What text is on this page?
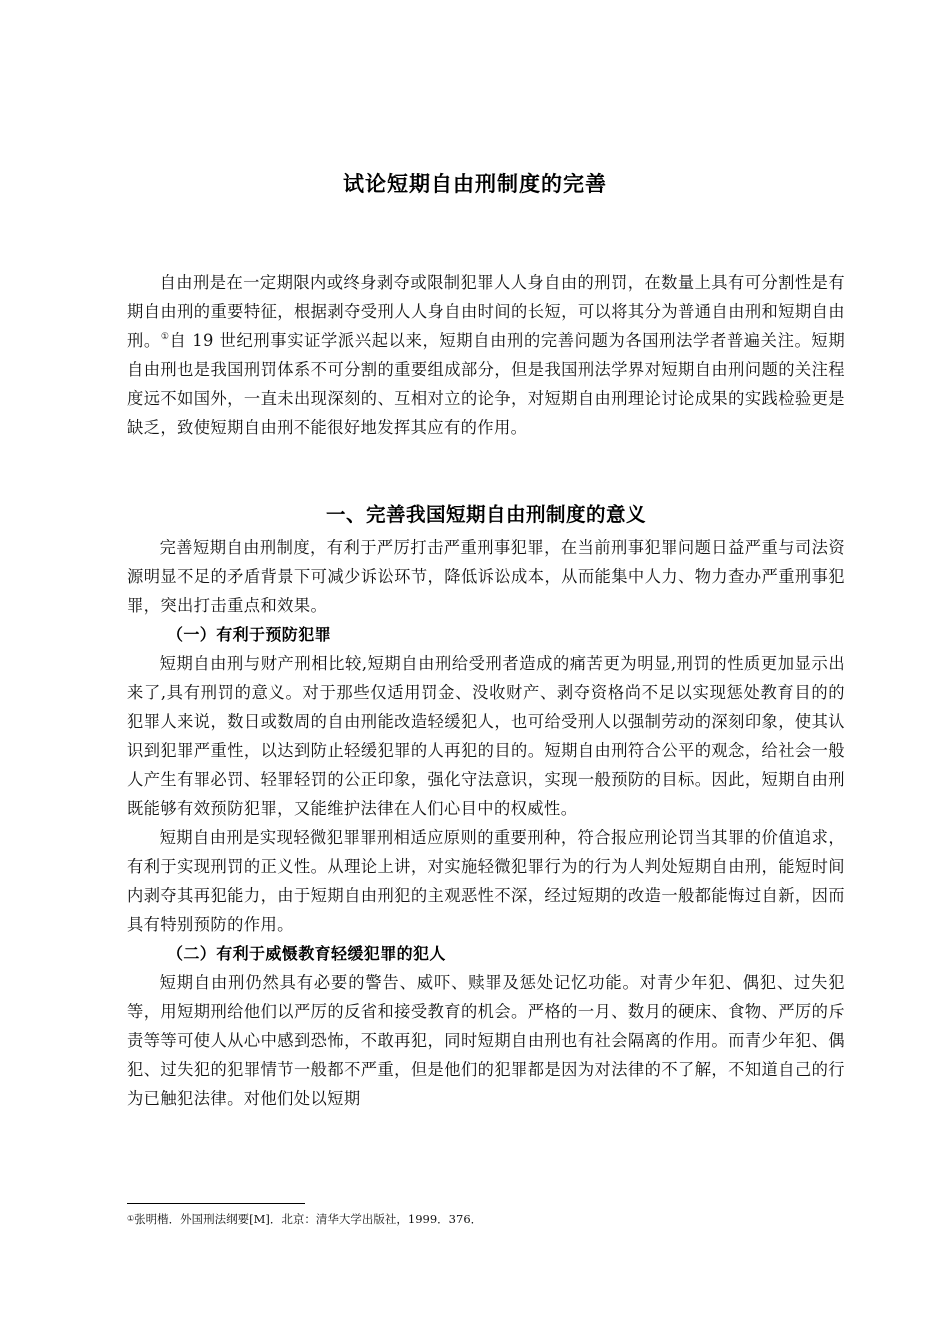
试论短期自由刑制度的完善

自由刑是在一定期限内或终身剥夺或限制犯罪人人身自由的刑罚，在数量上具有可分割性是有期自由刑的重要特征，根据剥夺受刑人人身自由时间的长短，可以将其分为普通自由刑和短期自由刑。①自 19 世纪刑事实证学派兴起以来，短期自由刑的完善问题为各国刑法学者普遍关注。短期自由刑也是我国刑罚体系不可分割的重要组成部分，但是我国刑法学界对短期自由刑问题的关注程度远不如国外，一直未出现深刻的、互相对立的论争，对短期自由刑理论讨论成果的实践检验更是缺乏，致使短期自由刑不能很好地发挥其应有的作用。

一、完善我国短期自由刑制度的意义

完善短期自由刑制度，有利于严厉打击严重刑事犯罪，在当前刑事犯罪问题日益严重与司法资源明显不足的矛盾背景下可减少诉讼环节，降低诉讼成本，从而能集中人力、物力查办严重刑事犯罪，突出打击重点和效果。

（一）有利于预防犯罪

短期自由刑与财产刑相比较,短期自由刑给受刑者造成的痛苦更为明显,刑罚的性质更加显示出来了,具有刑罚的意义。对于那些仅适用罚金、没收财产、剥夺资格尚不足以实现惩处教育目的的犯罪人来说，数日或数周的自由刑能改造轻缓犯人，也可给受刑人以强制劳动的深刻印象，使其认识到犯罪严重性，以达到防止轻缓犯罪的人再犯的目的。短期自由刑符合公平的观念，给社会一般人产生有罪必罚、轻罪轻罚的公正印象，强化守法意识，实现一般预防的目标。因此，短期自由刑既能够有效预防犯罪，又能维护法律在人们心目中的权威性。

短期自由刑是实现轻微犯罪罪刑相适应原则的重要刑种，符合报应刑论罚当其罪的价值追求，有利于实现刑罚的正义性。从理论上讲，对实施轻微犯罪行为的行为人判处短期自由刑，能短时间内剥夺其再犯能力，由于短期自由刑犯的主观恶性不深，经过短期的改造一般都能悔过自新，因而具有特别预防的作用。

（二）有利于威慑教育轻缓犯罪的犯人

短期自由刑仍然具有必要的警告、威吓、赎罪及惩处记忆功能。对青少年犯、偶犯、过失犯等，用短期刑给他们以严厉的反省和接受教育的机会。严格的一月、数月的硬床、食物、严厉的斥责等等可使人从心中感到恐怖，不敢再犯，同时短期自由刑也有社会隔离的作用。而青少年犯、偶犯、过失犯的犯罪情节一般都不严重，但是他们的犯罪都是因为对法律的不了解，不知道自己的行为已触犯法律。对他们处以短期

①张明楷．外国刑法纲要[M]．北京：清华大学出版社，1999．376．
